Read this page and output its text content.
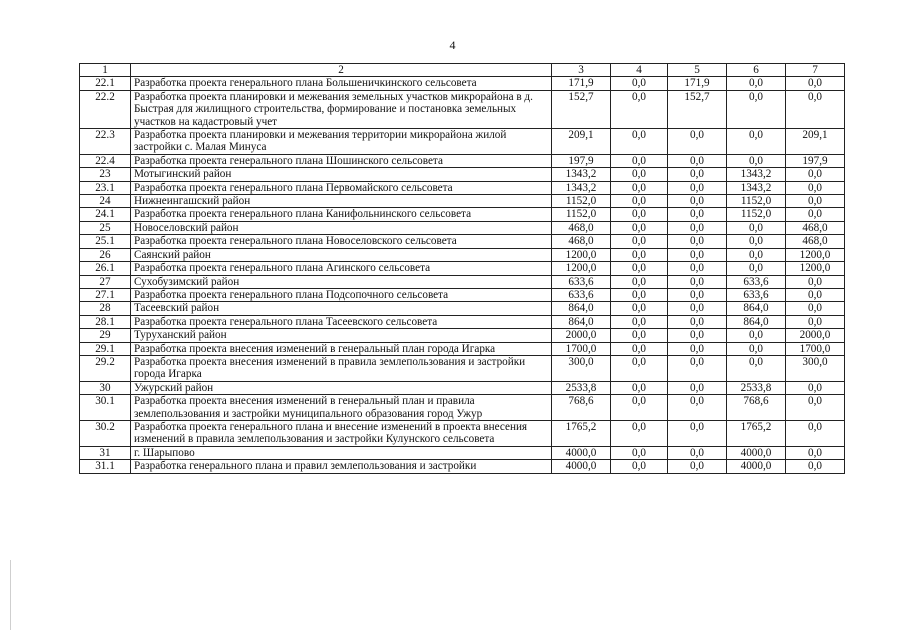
4
1	2	3	4	5	6	7
22.1	Разработка проекта генерального плана Большеничкинского сельсовета	171,9	0,0	171,9	0,0	0,0
22.2	Разработка проекта планировки и межевания земельных участков микрорайона в д. Быстрая для жилищного строительства, формирование и постановка земельных участков на кадастровый учет	152,7	0,0	152,7	0,0	0,0
22.3	Разработка проекта планировки и межевания территории микрорайона жилой застройки с. Малая Минуса	209,1	0,0	0,0	0,0	209,1
22.4	Разработка проекта генерального плана Шошинского сельсовета	197,9	0,0	0,0	0,0	197,9
23	Мотыгинский район	1343,2	0,0	0,0	1343,2	0,0
23.1	Разработка проекта генерального плана Первомайского сельсовета	1343,2	0,0	0,0	1343,2	0,0
24	Нижнеингашский район	1152,0	0,0	0,0	1152,0	0,0
24.1	Разработка проекта генерального плана Канифольнинского сельсовета	1152,0	0,0	0,0	1152,0	0,0
25	Новоселовский район	468,0	0,0	0,0	0,0	468,0
25.1	Разработка проекта генерального плана Новоселовского сельсовета	468,0	0,0	0,0	0,0	468,0
26	Саянский район	1200,0	0,0	0,0	0,0	1200,0
26.1	Разработка проекта генерального плана Агинского сельсовета	1200,0	0,0	0,0	0,0	1200,0
27	Сухобузимский район	633,6	0,0	0,0	633,6	0,0
27.1	Разработка проекта генерального плана Подсопочного сельсовета	633,6	0,0	0,0	633,6	0,0
28	Тасеевский район	864,0	0,0	0,0	864,0	0,0
28.1	Разработка проекта генерального плана Тасеевского сельсовета	864,0	0,0	0,0	864,0	0,0
29	Туруханский район	2000,0	0,0	0,0	0,0	2000,0
29.1	Разработка проекта внесения изменений в генеральный план города Игарка	1700,0	0,0	0,0	0,0	1700,0
29.2	Разработка проекта внесения изменений в правила землепользования и застройки города Игарка	300,0	0,0	0,0	0,0	300,0
30	Ужурский район	2533,8	0,0	0,0	2533,8	0,0
30.1	Разработка проекта внесения изменений в генеральный план и правила землепользования и застройки муниципального образования город Ужур	768,6	0,0	0,0	768,6	0,0
30.2	Разработка проекта генерального плана и внесение изменений в проекта внесения изменений в правила землепользования и застройки Кулунского сельсовета	1765,2	0,0	0,0	1765,2	0,0
31	г. Шарыпово	4000,0	0,0	0,0	4000,0	0,0
31.1	Разработка генерального плана и правил землепользования и застройки	4000,0	0,0	0,0	4000,0	0,0
